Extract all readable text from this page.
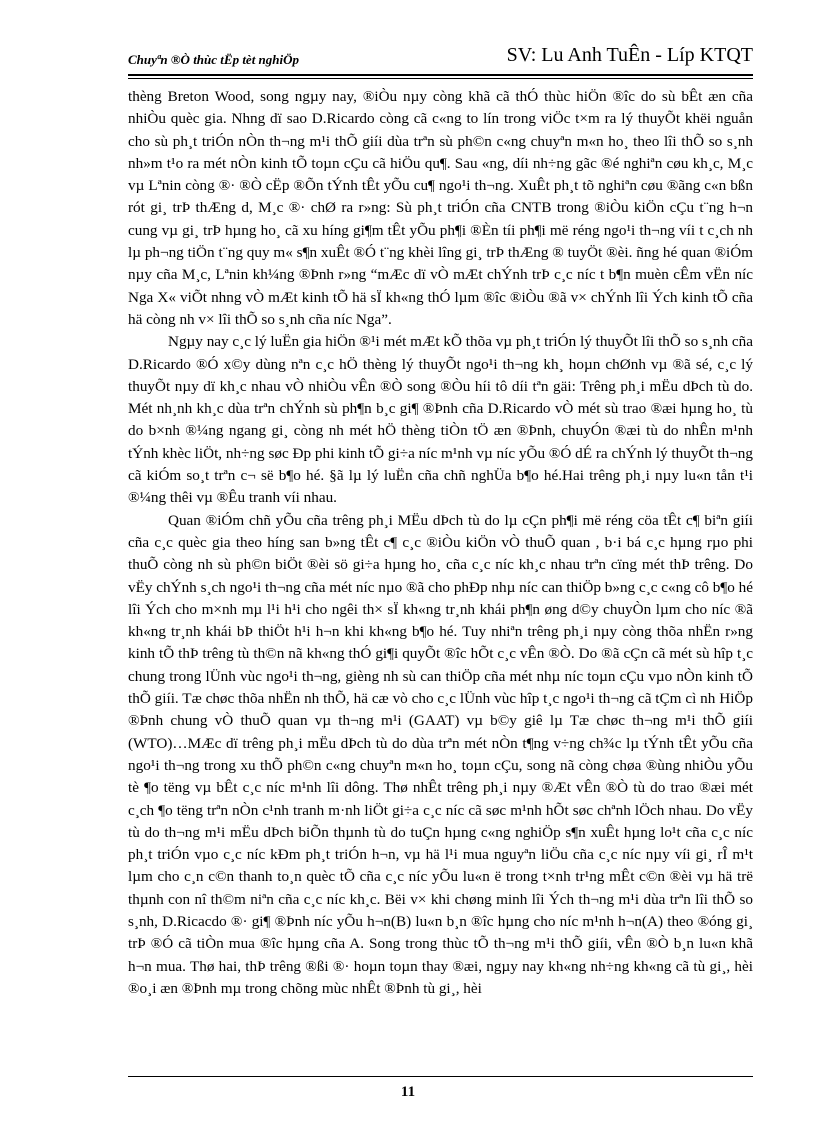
Chuyªn ®Ò thùc tËp tèt nghiÖp	SV: Lu Anh TuÊn - Líp KTQT

thèng Breton Wood, song ngµy nay, ®iÒu nµy còng khã cã thÓ thùc hiÖn ®îc do sù bÊt æn cña nhiÒu quèc gia. Nhng dï sao D.Ricardo còng cã c«ng to lín trong viÖc t×m ra lý thuyÕt khëi nguån cho sù ph¸t triÓn nÒn th¬ng m¹i thÕ giíi dùa trªn sù ph©n c«ng chuyªn m«n ho¸ theo lîi thÕ so s¸nh nh»m t¹o ra mét nÒn kinh tÕ toµn cÇu cã hiÖu qu¶. Sau «ng, díi nh÷ng gãc ®é nghiªn cøu kh¸c, M¸c vµ Lªnin còng ®· ®Ò cËp ®Õn tÝnh tÊt yÕu cu¶ ngo¹i th¬ng. XuÊt ph¸t tõ nghiªn cøu ®ãng c«n bßn rót gi¸ trÞ thÆng d, M¸c ®· chØ ra r»ng: Sù ph¸t triÓn cña CNTB trong ®iÒu kiÖn cÇu t¨ng h¬n cung vµ gi¸ trÞ hµng ho¸ cã xu híng gi¶m tÊt yÕu ph¶i ®Èn tíi ph¶i më réng ngo¹i th¬ng víi t c¸ch nh lµ ph¬ng tiÖn t¨ng quy m« s¶n xuÊt ®Ó t¨ng khèi lîng gi¸ trÞ thÆng ® tuyÖt ®èi. ñng hé quan ®iÓm nµy cña M¸c, Lªnin kh¼ng ®Þnh r»ng “mÆc dï vÒ mÆt chÝnh trÞ c¸c níc t b¶n muèn cÊm vËn níc Nga X« viÕt nhng vÒ mÆt kinh tÕ hä sÏ kh«ng thÓ lµm ®îc ®iÒu ®ã v× chÝnh lîi Ých kinh tÕ cña hä còng nh v× lîi thÕ so s¸nh cña níc Nga”.

Ngµy nay c¸c lý luËn gia hiÖn ®¹i mét mÆt kÕ thõa vµ ph¸t triÓn lý thuyÕt lîi thÕ so s¸nh cña D.Ricardo ®Ó x©y dùng nªn c¸c hÖ thèng lý thuyÕt ngo¹i th¬ng kh¸ hoµn chØnh vµ ®ã sé, c¸c lý thuyÕt nµy dï kh¸c nhau vÒ nhiÒu vÊn ®Ò song ®Òu híi tô díi tªn gäi: Trêng ph¸i mËu dÞch tù do. Mét nh¸nh kh¸c dùa trªn chÝnh sù ph¶n b¸c gi¶ ®Þnh cña D.Ricardo vÒ mét sù trao ®æi hµng ho¸ tù do b×nh ®¼ng ngang gi¸ còng nh mét hÖ thèng tiÒn tÖ æn ®Þnh, chuyÓn ®æi tù do nhÊn m¹nh tÝnh khèc liÖt, nh÷ng søc Ðp phi kinh tÕ gi÷a níc m¹nh vµ níc yÕu ®Ó dÉ ra chÝnh lý thuyÕt th¬ng cã kiÓm so¸t trªn c¬ së b¶o hé. §ã lµ lý luËn cña chñ nghÜa b¶o hé.Hai trêng ph¸i nµy lu«n tån t¹i ®¼ng thêi vµ ®Êu tranh víi nhau.

Quan ®iÓm chñ yÕu cña trêng ph¸i MËu dÞch tù do lµ cÇn ph¶i më réng cöa tÊt c¶ biªn giíi cña c¸c quèc gia theo híng san b»ng tÊt c¶ c¸c ®iÒu kiÖn vÒ thuÕ quan , b·i bá c¸c hµng rµo phi thuÕ còng nh sù ph©n biÖt ®èi sö gi÷a hµng ho¸ cña c¸c níc kh¸c nhau trªn cïng mét thÞ trêng. Do vËy chÝnh s¸ch ngo¹i th¬ng cña mét níc nµo ®ã cho phÐp nhµ níc can thiÖp b»ng c¸c c«ng cô b¶o hé lîi Ých cho m×nh mµ l¹i h¹i cho ngêi th× sÏ kh«ng tr¸nh khái ph¶n øng d©y chuyÒn lµm cho níc ®ã kh«ng tr¸nh khái bÞ thiÖt h¹i h¬n khi kh«ng b¶o hé. Tuy nhiªn trêng ph¸i nµy còng thõa nhËn r»ng kinh tÕ thÞ trêng tù th©n nã kh«ng thÓ gi¶i quyÕt ®îc hÕt c¸c vÊn ®Ò. Do ®ã cÇn cã mét sù hîp t¸c chung trong lÜnh vùc ngo¹i th¬ng, gièng nh sù can thiÖp cña mét nhµ níc toµn cÇu vµo nÒn kinh tÕ thÕ giíi. Tæ chøc thõa nhËn nh thÕ, hä cæ vò cho c¸c lÜnh vùc hîp t¸c ngo¹i th¬ng cã tÇm cì nh HiÖp ®Þnh chung vÒ thuÕ quan vµ th¬ng m¹i (GAAT) vµ b©y giê lµ Tæ chøc th¬ng m¹i thÕ giíi (WTO)…MÆc dï trêng ph¸i mËu dÞch tù do dùa trªn mét nÒn t¶ng v÷ng ch¾c lµ tÝnh tÊt yÕu cña ngo¹i th¬ng trong xu thÕ ph©n c«ng chuyªn m«n ho¸ toµn cÇu, song nã còng chøa ®ùng nhiÒu yÕu tè ¶o tëng vµ bÊt c¸c níc m¹nh lîi dông. Thø nhÊt trêng ph¸i nµy ®Æt vÊn ®Ò tù do trao ®æi mét c¸ch ¶o tëng trªn nÒn c¹nh tranh m·nh liÖt gi÷a c¸c níc cã søc m¹nh hÕt søc chªnh lÖch nhau. Do vËy tù do th¬ng m¹i mËu dÞch biÕn thµnh tù do tuÇn hµng c«ng nghiÖp s¶n xuÊt hµng lo¹t cña c¸c níc ph¸t triÓn vµo c¸c níc kÐm ph¸t triÓn h¬n, vµ hä l¹i mua nguyªn liÖu cña c¸c níc nµy víi gi¸ rÎ m¹t lµm cho c¸n c©n thanh to¸n quèc tÕ cña c¸c níc yÕu lu«n ë trong t×nh tr¹ng mÊt c©n ®èi vµ hä trë thµnh con nî th©m niªn cña c¸c níc kh¸c. Bëi v× khi chøng minh lîi Ých th¬ng m¹i dùa trªn lîi thÕ so s¸nh, D.Ricacdo ®· gi¶ ®Þnh níc yÕu h¬n(B) lu«n b¸n ®îc hµng cho níc m¹nh h¬n(A) theo ®óng gi¸ trÞ ®Ó cã tiÒn mua ®îc hµng cña A. Song trong thùc tÕ th¬ng m¹i thÕ giíi, vÊn ®Ò b¸n lu«n khã h¬n mua. Thø hai, thÞ trêng ®ßi ®· hoµn toµn thay ®æi, ngµy nay kh«ng nh÷ng kh«ng cã tù gi¸, hèi ®o¸i æn ®Þnh mµ trong chõng mùc nhÊt ®Þnh tù gi¸, hèi

11
